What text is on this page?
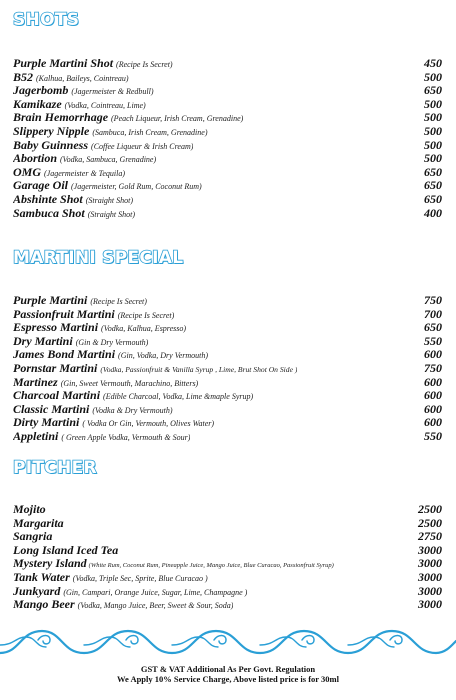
SHOTS
Purple Martini Shot (Recipe Is Secret)	450
B52 (Kalhua, Baileys, Cointreau)	500
Jagerbomb (Jagermeister & Redbull)	650
Kamikaze (Vodka, Cointreau, Lime)	500
Brain Hemorrhage (Peach Liqueur, Irish Cream, Grenadine)	500
Slippery Nipple (Sambuca, Irish Cream, Grenadine)	500
Baby Guinness (Coffee Liqueur & Irish Cream)	500
Abortion (Vodka, Sambuca, Grenadine)	500
OMG (Jagermeister & Tequila)	650
Garage Oil (Jagermeister, Gold Rum, Coconut Rum)	650
Abshinte Shot (Straight Shot)	650
Sambuca Shot (Straight Shot)	400
MARTINI SPECIAL
Purple Martini (Recipe Is Secret)	750
Passionfruit Martini (Recipe Is Secret)	700
Espresso Martini (Vodka, Kalhua, Espresso)	650
Dry Martini (Gin & Dry Vermouth)	550
James Bond Martini (Gin, Vodka, Dry Vermouth)	600
Pornstar Martini (Vodka, Passionfruit & Vanilla Syrup , Lime, Brut Shot On Side )	750
Martinez (Gin, Sweet Vermouth, Marachino, Bitters)	600
Charcoal Martini (Edible Charcoal, Vodka, Lime &maple Syrup)	600
Classic Martini (Vodka & Dry Vermouth)	600
Dirty Martini ( Vodka Or Gin, Vermouth, Olives Water)	600
Appletini ( Green Apple Vodka, Vermouth & Sour)	550
PITCHER
Mojito	2500
Margarita	2500
Sangria	2750
Long Island Iced Tea	3000
Mystery Island (White Rum, Coconut Rum, Pineapple Juice, Mango Juice, Blue Curacao, Passionfruit Syrup)	3000
Tank Water (Vodka, Triple Sec, Sprite, Blue Curacao )	3000
Junkyard (Gin, Campari, Orange Juice, Sugar, Lime, Champagne )	3000
Mango Beer (Vodka, Mango Juice, Beer, Sweet & Sour, Soda)	3000
GST & VAT Additional As Per Govt. Regulation
We Apply 10% Service Charge, Above listed price is for 30ml
